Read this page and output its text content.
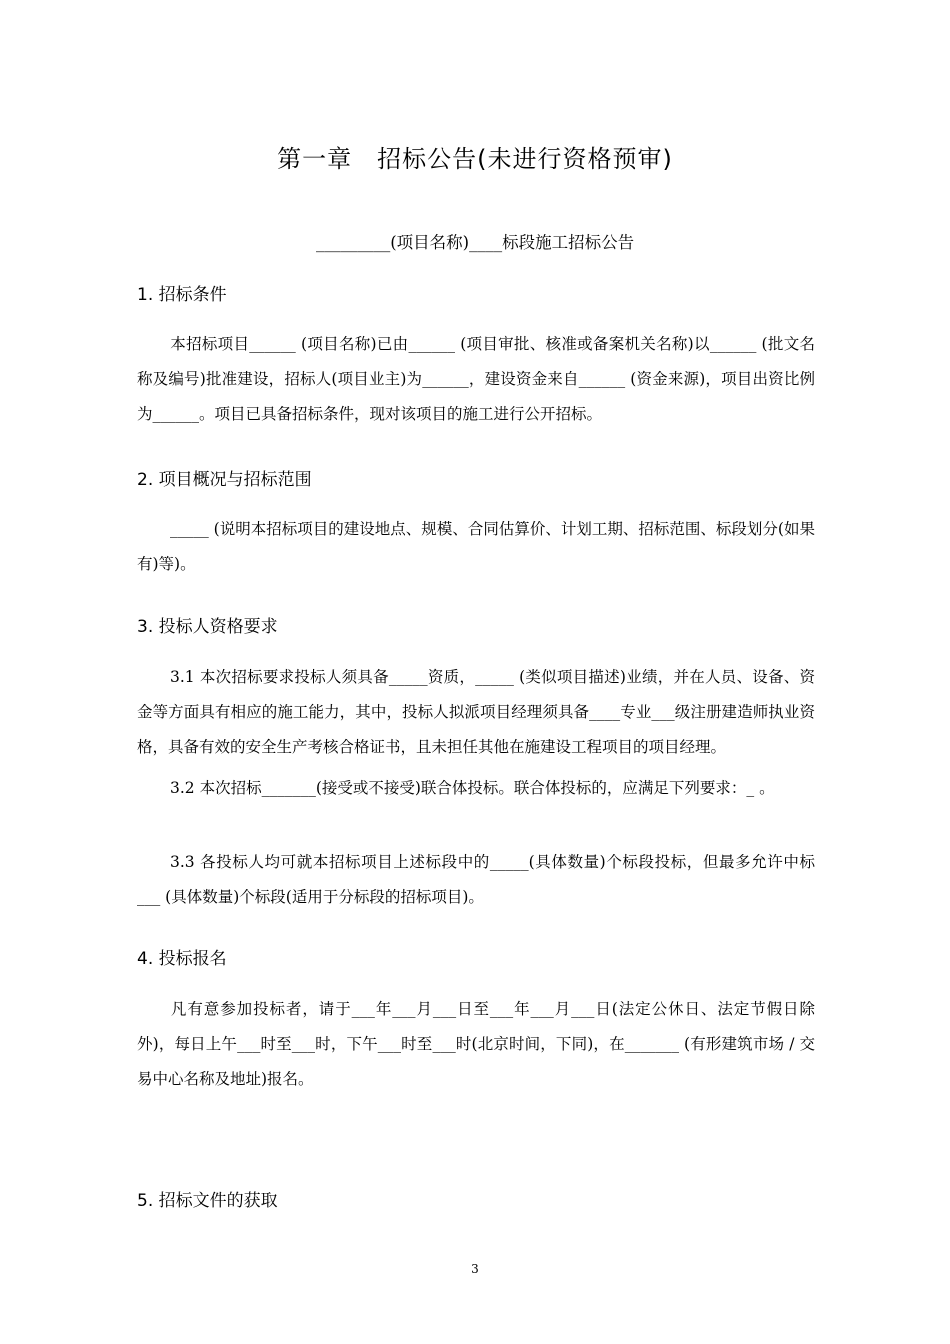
第一章　招标公告(未进行资格预审)
_________(项目名称)____标段施工招标公告
1. 招标条件
本招标项目______ (项目名称)已由______ (项目审批、核准或备案机关名称)以______ (批文名称及编号)批准建设，招标人(项目业主)为______，建设资金来自______ (资金来源)，项目出资比例为______。项目已具备招标条件，现对该项目的施工进行公开招标。
2. 项目概况与招标范围
_____ (说明本招标项目的建设地点、规模、合同估算价、计划工期、招标范围、标段划分(如果有)等)。
3. 投标人资格要求
3.1 本次招标要求投标人须具备_____资质，_____ (类似项目描述)业绩，并在人员、设备、资金等方面具有相应的施工能力，其中，投标人拟派项目经理须具备____专业___级注册建造师执业资格，具备有效的安全生产考核合格证书，且未担任其他在施建设工程项目的项目经理。
3.2 本次招标_______(接受或不接受)联合体投标。联合体投标的，应满足下列要求：_ 。
3.3 各投标人均可就本招标项目上述标段中的_____(具体数量)个标段投标，但最多允许中标___ (具体数量)个标段(适用于分标段的招标项目)。
4. 投标报名
凡有意参加投标者，请于___年___月___日至___年___月___日(法定公休日、法定节假日除外)，每日上午___时至___时，下午___时至___时(北京时间，下同)，在_______ (有形建筑市场 / 交易中心名称及地址)报名。
5. 招标文件的获取
3
